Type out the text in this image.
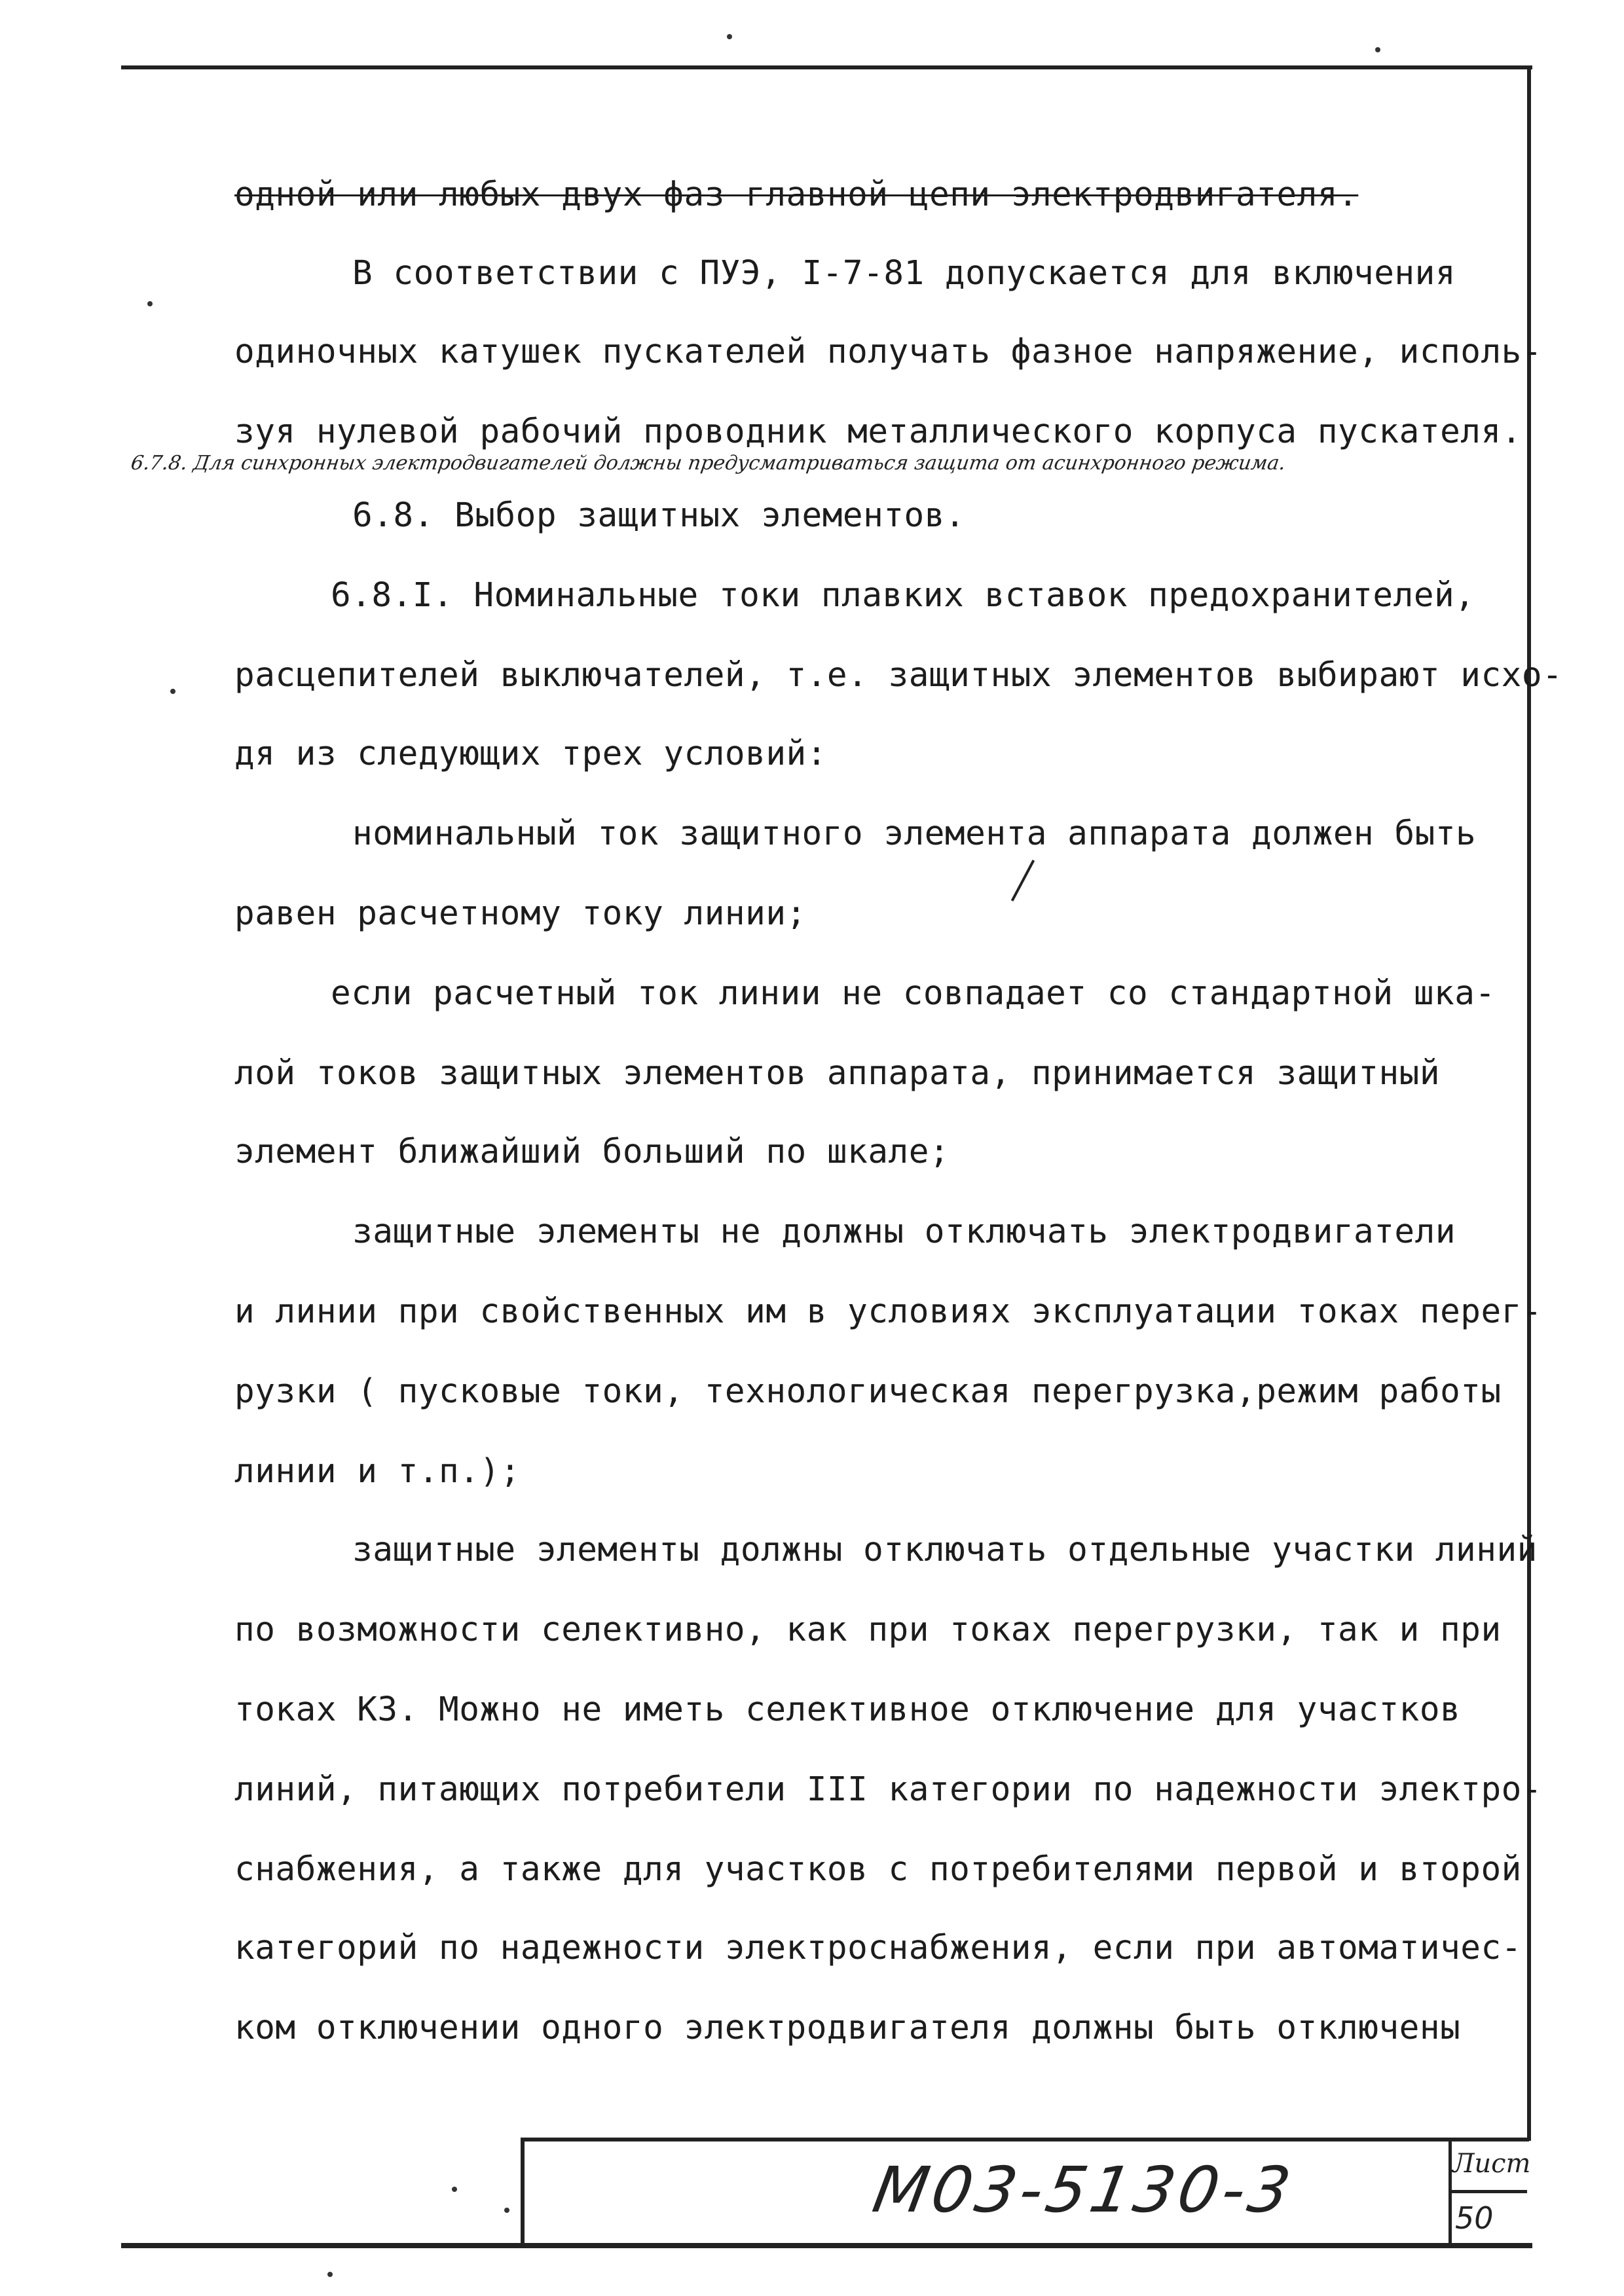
одной или любых двух фаз главной цепи электродвигателя.
В соответствии с ПУЭ, I-7-81 допускается для включения
одиночных катушек пускателей получать фазное напряжение, исполь-
зуя нулевой рабочий проводник металлического корпуса пускателя.
6.7.8. Для синхронных электродвигателей должны предусматриваться защита от асинхронного режима.
6.8. Выбор защитных элементов.
6.8.I. Номинальные токи плавких вставок предохранителей,
расцепителей выключателей, т.е. защитных элементов выбирают исхо-
дя из следующих трех условий:
номинальный ток защитного элемента аппарата должен быть
равен расчетному току линии;
если расчетный ток линии не совпадает со стандартной шка-
лой токов защитных элементов аппарата, принимается защитный
элемент ближайший больший по шкале;
защитные элементы не должны отключать электродвигатели
и линии при свойственных им в условиях эксплуатации токах перег-
рузки ( пусковые токи, технологическая перегрузка,режим работы
линии и т.п.);
защитные элементы должны отключать отдельные участки линий
по возможности селективно, как при токах перегрузки, так и при
токах КЗ. Можно не иметь селективное отключение для участков
линий, питающих потребители III категории по надежности электро-
снабжения, а также для участков с потребителями первой и второй
категорий по надежности электроснабжения, если при автоматичес-
ком отключении одного электродвигателя должны быть отключены
М03-5130-3	Лист
50
